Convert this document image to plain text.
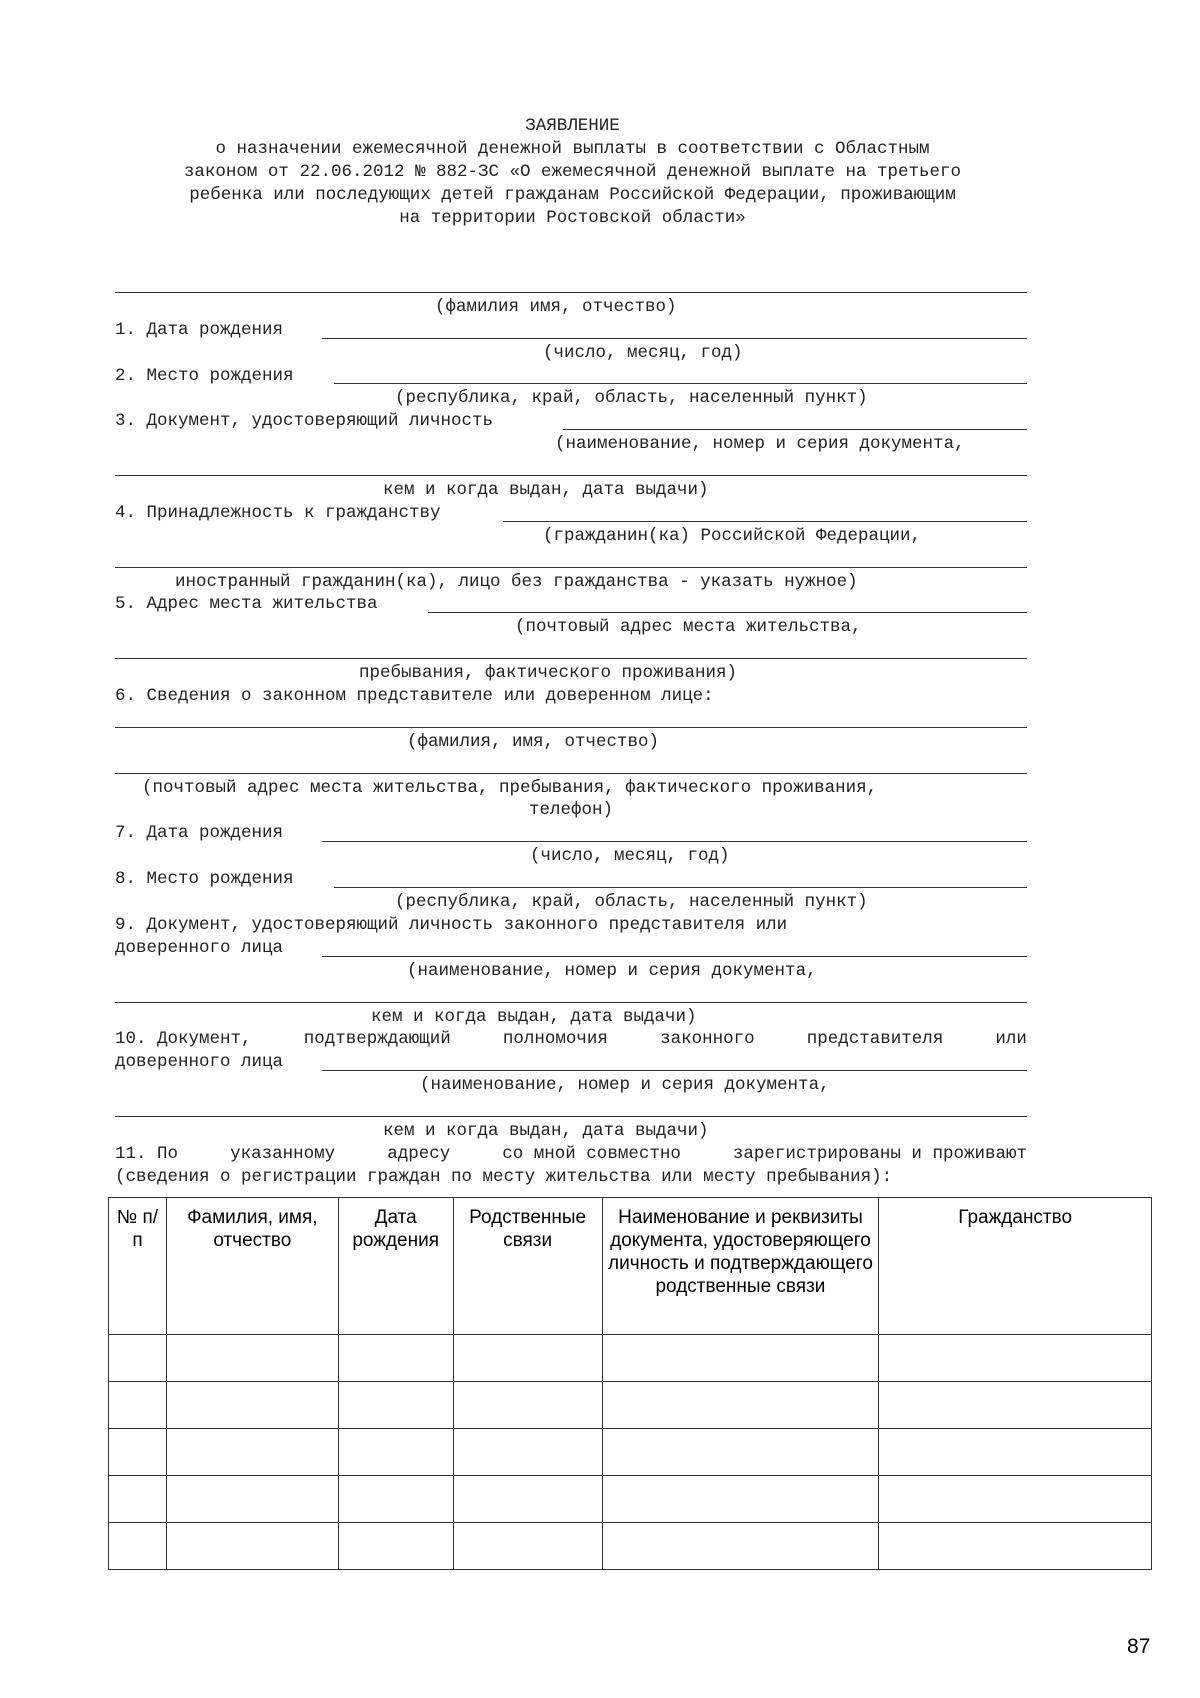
ЗАЯВЛЕНИЕ
о назначении ежемесячной денежной выплаты в соответствии с Областным
законом от 22.06.2012 № 882-ЗС «О ежемесячной денежной выплате на третьего
ребенка или последующих детей гражданам Российской Федерации, проживающим
на территории Ростовской области»
(фамилия имя, отчество)
1. Дата рождения
(число, месяц, год)
2. Место рождения
(республика, край, область, населенный пункт)
3. Документ, удостоверяющий личность
(наименование, номер и серия документа,
кем и когда выдан, дата выдачи)
4. Принадлежность к гражданству
(гражданин(ка) Российской Федерации,
иностранный гражданин(ка), лицо без гражданства - указать нужное)
5. Адрес места жительства
(почтовый адрес места жительства,
пребывания, фактического проживания)
6. Сведения о законном представителе или доверенном лице:
(фамилия, имя, отчество)
(почтовый адрес места жительства, пребывания, фактического проживания,
телефон)
7. Дата рождения
(число, месяц, год)
8. Место рождения
(республика, край, область, населенный пункт)
9. Документ, удостоверяющий личность законного представителя или
доверенного лица
(наименование, номер и серия документа,
кем и когда выдан, дата выдачи)
10. Документ,	подтверждающий	полномочия	законного	представителя	или
доверенного лица
(наименование, номер и серия документа,
кем и когда выдан, дата выдачи)
11. По	указанному	адресу	со мной совместно	зарегистрированы и проживают
(сведения о регистрации граждан по месту жительства или месту пребывания):
№ п/п	Фамилия, имя, отчество	Дата рождения	Родственные связи	Наименование и реквизиты документа, удостоверяющего личность и подтверждающего родственные связи	Гражданство

87
